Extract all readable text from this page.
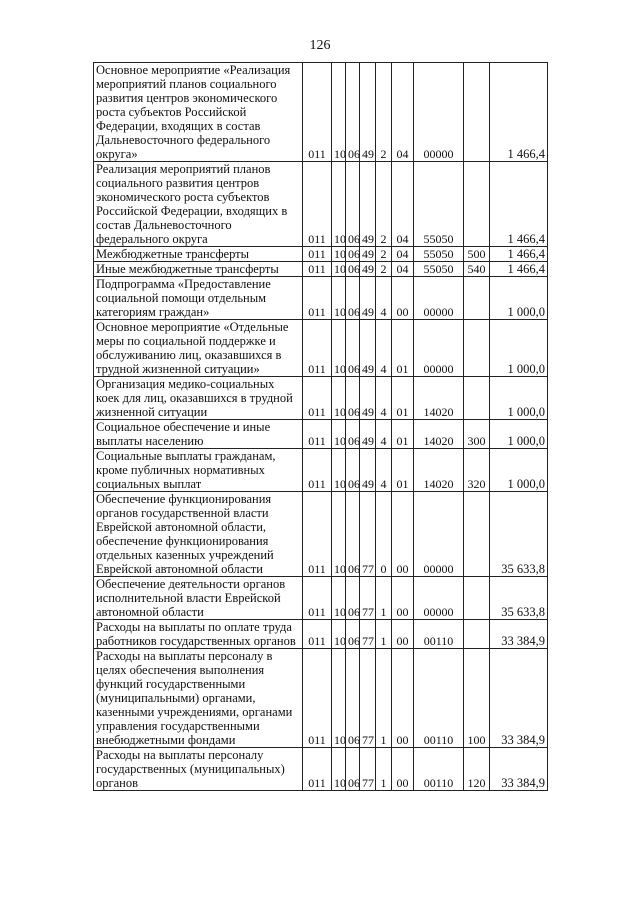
126
Основное мероприятие «Реализация мероприятий планов социального развития центров экономического роста субъектов Российской Федерации, входящих в состав Дальневосточного федерального округа»	011	10	06	49	2	04	00000		1 466,4
Реализация мероприятий планов социального развития центров экономического роста субъектов Российской Федерации, входящих в состав Дальневосточного федерального округа	011	10	06	49	2	04	55050		1 466,4
Межбюджетные трансферты	011	10	06	49	2	04	55050	500	1 466,4
Иные межбюджетные трансферты	011	10	06	49	2	04	55050	540	1 466,4
Подпрограмма «Предоставление социальной помощи отдельным категориям граждан»	011	10	06	49	4	00	00000		1 000,0
Основное мероприятие «Отдельные меры по социальной поддержке и обслуживанию лиц, оказавшихся в трудной жизненной ситуации»	011	10	06	49	4	01	00000		1 000,0
Организация медико-социальных коек для лиц, оказавшихся в трудной жизненной ситуации	011	10	06	49	4	01	14020		1 000,0
Социальное обеспечение и иные выплаты населению	011	10	06	49	4	01	14020	300	1 000,0
Социальные выплаты гражданам, кроме публичных нормативных социальных выплат	011	10	06	49	4	01	14020	320	1 000,0
Обеспечение функционирования органов государственной власти Еврейской автономной области, обеспечение функционирования отдельных казенных учреждений Еврейской автономной области	011	10	06	77	0	00	00000		35 633,8
Обеспечение деятельности органов исполнительной власти Еврейской автономной области	011	10	06	77	1	00	00000		35 633,8
Расходы на выплаты по оплате труда работников государственных органов	011	10	06	77	1	00	00110		33 384,9
Расходы на выплаты персоналу в целях обеспечения выполнения функций государственными (муниципальными) органами, казенными учреждениями, органами управления государственными внебюджетными фондами	011	10	06	77	1	00	00110	100	33 384,9
Расходы на выплаты персоналу государственных (муниципальных) органов	011	10	06	77	1	00	00110	120	33 384,9
